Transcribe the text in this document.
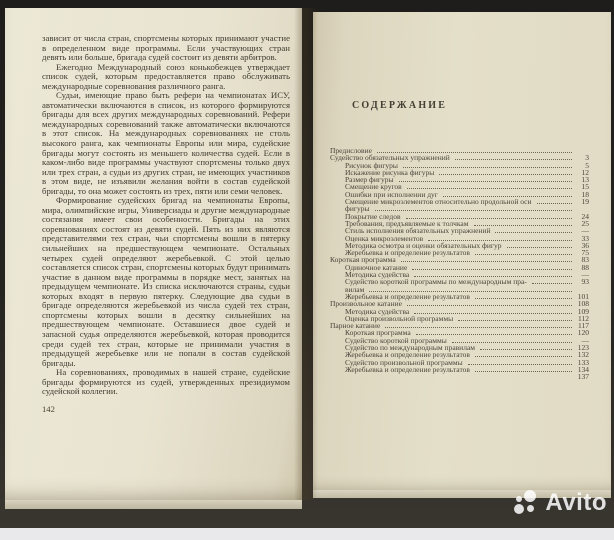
зависит от числа стран, спортсмены которых принимают участие в определенном виде программы. Если участвующих стран девять или больше, бригада судей состоит из девяти арбитров.

Ежегодно Международный союз конькобежцев утверждает список судей, которым предоставляется право обслуживать международные соревнования различного ранга.

Судьи, имеющие право быть рефери на чемпионатах ИСУ, автоматически включаются в список, из которого формируются бригады для всех других международных соревнований. Рефери международных соревнований также автоматически включаются в этот список. На международных соревнованиях не столь высокого ранга, как чемпионаты Европы или мира, судейские бригады могут состоять из меньшего количества судей. Если в каком-либо виде программы участвуют спортсмены только двух или трех стран, а судьи из других стран, не имеющих участников в этом виде, не изъявили желания войти в состав судейской бригады, то она может состоять из трех, пяти или семи человек.

Формирование судейских бригад на чемпионаты Европы, мира, олимпийские игры, Универсиады и другие международные состязания имеет свои особенности. Бригады на этих соревнованиях состоят из девяти судей. Пять из них являются представителями тех стран, чьи спортсмены вошли в пятерку сильнейших на предшествующем чемпионате. Остальных четырех судей определяют жеребьевкой. С этой целью составляется список стран, спортсмены которых будут принимать участие в данном виде программы в порядке мест, занятых на предыдущем чемпионате. Из списка исключаются страны, судьи которых входят в первую пятерку. Следующие два судьи в бригаде определяются жеребьевкой из числа судей тех стран, спортсмены которых вошли в десятку сильнейших на предшествующем чемпионате. Оставшиеся двое судей и запасной судья определяются жеребьевкой, которая проводится среди судей тех стран, которые не принимали участия в предыдущей жеребьевке или не попали в состав судейской бригады.

На соревнованиях, проводимых в нашей стране, судейские бригады формируются из судей, утвержденных президиумом судейской коллегии.

142
СОДЕРЖАНИЕ
Предисловие
Судейство обязательных упражнений	3
Рисунок фигуры	5
Искажение рисунка фигуры	12
Размер фигуры	13
Смещение кругов	15
Ошибки при исполнении дуг	18
Смещение микроэлементов относительно продольной оси	19
фигуры
Покрытие следов	24
Требования, предъявляемые к толчкам	25
Стиль исполнения обязательных упражнений	—
Оценка микроэлементов	33
Методика осмотра и оценки обязательных фигур	36
Жеребьевка и определение результатов	75
Короткая программа	83
Одиночное катание	88
Методика судейства	—
Судейство короткой программы по международным пра-	93
вилам
Жеребьевка и определение результатов	101
Произвольное катание	108
Методика судейства	109
Оценка произвольной программы	112
Парное катание	117
Короткая программа	120
Судейство короткой программы	—
Судейство по международным правилам	123
Жеребьевка и определение результатов	132
Судейство произвольной программы	133
Жеребьевка и определение результатов	134
137
Avito
